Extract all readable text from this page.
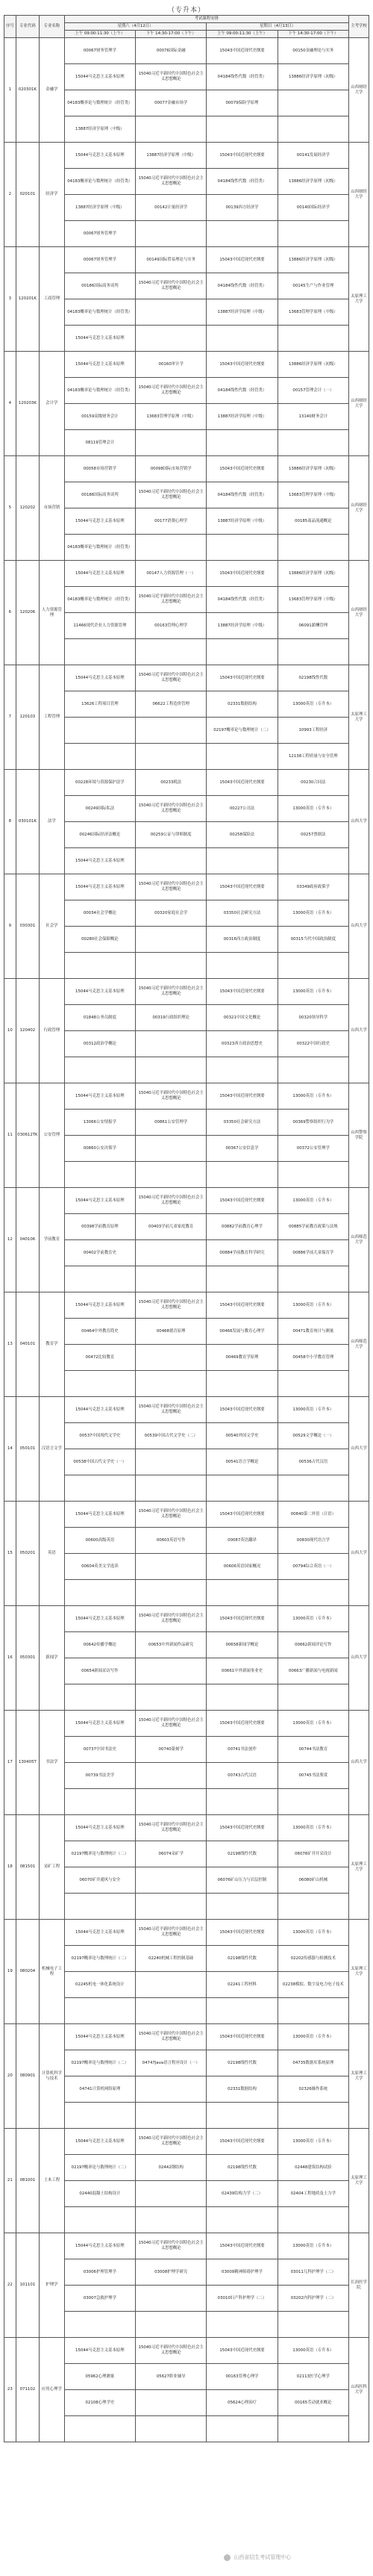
（专升本）
序号	专业代码	专业名称	考试课程安排				主考学校
			星期六（4月12日）		星期日（4月13日）		
			上午 09:00-11:30（上午）	下午 14:30-17:00（下午）	上午 09:00-11:30（上午）	下午 14:30-17:00（下午）	
1	020301K	金融学	00067财务管理学	00076国际金融	15043中国近现代史纲要	00150金融理论与实务	山西财经大学
			15044马克思主义基本原理	15040习近平新时代中国特色社会主义思想概论	04184线性代数（经管类）	13886经济学原理（初级）	
			04183概率论与数理统计（经管类）	00077金融市场学	00079保险学原理		
			13887经济学原理（中级）				
2	020101	经济学	15044马克思主义基本原理	13887经济学原理（中级）	15043中国近现代史纲要	00141发展经济学	山西财经大学
			04183概率论与数理统计（经管类）	15040习近平新时代中国特色社会主义思想概论	04184线性代数（经管类）	13886经济学原理（初级）	
			13887经济学原理（中级）	00142计量经济学	00139西方经济学	00140国际经济学	
			00067财务管理学				
3	120201K	工商管理	00067财务管理学	00149国际贸易理论与实务	15043中国近现代史纲要	13886经济学原理（初级）	太原理工大学
			00186国际商务谈判	15040习近平新时代中国特色社会主义思想概论	04184线性代数（经管类）	00145生产与作业管理	
			04183概率论与数理统计（经管类）		13887经济学原理（中级）	13683管理学原理（中级）	
			15044马克思主义基本原理				
4	120203K	会计学	15044马克思主义基本原理	00160审计学	15043中国近现代史纲要	13886经济学原理（初级）	山西财经大学
			04183概率论与数理统计（经管类）	15040习近平新时代中国特色社会主义思想概论	04184线性代数（经管类）	00157管理会计（一）	
			00159高级财务会计	13683管理学原理（中级）	13887经济学原理（中级）	13140财务会计	
			08119管理会计				
5	120202	市场营销	00058市场营销学	00098国际市场营销学	15043中国近现代史纲要	13886经济学原理（初级）	山西财经大学
			00186国际商务谈判	15040习近平新时代中国特色社会主义思想概论	04184线性代数（经管类）	13683管理学原理（中级）	
			15044马克思主义基本原理	00177消费心理学	13887经济学原理（中级）	00185商品流通概论	
			04183概率论与数理统计（经管类）				
6	120206	人力资源管理	15044马克思主义基本原理	00147人力资源管理（一）	15043中国近现代史纲要	13886经济学原理（初级）	山西财经大学
			04183概率论与数理统计（经管类）	15040习近平新时代中国特色社会主义思想概论	04184线性代数（经管类）	13683管理学原理（中级）	
			11466现代企业人力资源管理	00163管理心理学	13887经济学原理（中级）	06091薪酬管理	

7	120103	工程管理	15044马克思主义基本原理	15040习近平新时代中国特色社会主义思想概论	15043中国近现代史纲要	02198线性代数	太原理工大学
			13626工程项目管理	06622工程造价管理	02331数据结构	13000英语（专升本）	
					02197概率论与数理统计（二）	10993工程经济	
						12138工程质量与安全管理	
8	030101K	法学	00228环境与资源保护法学	00233税法	15043中国近现代史纲要	00230合同法	山西大学
			00249国际私法	15040习近平新时代中国特色社会主义思想概论	00227公司法	13000英语（专升本）	
			00246国际经济法概论	00259公证与律师制度	00258保险法	00257票据法	
			15044马克思主义基本原理				
9	030301	社会学	15044马克思主义基本原理	15040习近平新时代中国特色社会主义思想概论	15043中国近现代史纲要	03349政府政策学	山西大学
			00034社会学概论	00320家庭社会学	03350社会研究方法	13000英语（专升本）	
			00280社会保障概论		00316西方政治制度	00315当代中国政治制度	

10	120402	行政管理	15044马克思主义基本原理	15040习近平新时代中国特色社会主义思想概论	15043中国近现代史纲要	13000英语（专升本）	山西大学
			01848公务员制度	00319行政组织理论	00321中国文化概论	00320领导科学	
			00312政治学概论		00323西方政治思想史	00322中国行政史	

11	030612TK	公安管理	15044马克思主义基本原理	15040习近平新时代中国特色社会主义思想概论	15043中国近现代史纲要	13000英语（专升本）	山西警察学院
			13066公安情报学	00861公安管理学	03350社会研究方法	00369警察组织行为学	
			00860公安决策学		00367公安信息学	00372公安管理学	

12	040106	学前教育	15044马克思主义基本原理	15040习近平新时代中国特色社会主义思想概论	15043中国近现代史纲要	13000英语（专升本）	山西师范大学
			00398学前教育原理	00403学前儿童家庭教育	00882学前教育心理学	00885学前教育政策与法规	
			00402学前教育史		00884学前教育科学研究	00886学前儿童保育学	

13	040101	教育学	15044马克思主义基本原理	15040习近平新时代中国特色社会主义思想概论	15043中国近现代史纲要	13000英语（专升本）	山西师范大学
			00464中外教育简史	00468德育原理	00466发展与教育心理学	00471教育统计与测量	
			00472比较教育		00469教育学原理	00458中小学教育管理	

14	050101	汉语言文学	15044马克思主义基本原理	15040习近平新时代中国特色社会主义思想概论	15043中国近现代史纲要	13000英语（专升本）	山西大学
			00537中国现代文学史	00539中国古代文学史（二）	00540外国文学史	00529文学概论（一）	
			00538中国古代文学史（一）		00541语言学概论	00536古代汉语	

15	050201	英语	15044马克思主义基本原理	15040习近平新时代中国特色社会主义思想概论	15043中国近现代史纲要	00840第二外语（日语）	山西大学
			00600高级英语	00603英语写作	00087英语翻译	00830现代语言学	
			00604英美文学选读		00606英语国家概况	00794综合英语（一）	

16	050301	新闻学	15044马克思主义基本原理	15040习近平新时代中国特色社会主义思想概论	15043中国近现代史纲要	13000英语（专升本）	山西大学
			00642传播学概论	00653中外新闻作品研究	00658新闻学概论	00662新闻评论写作	
			00654新闻采访写作		00661中外新闻事业史	00663广播新闻与电视新闻	

17	130405T	书法学	15044马克思主义基本原理	15040习近平新时代中国特色社会主义思想概论	15043中国近现代史纲要	13000英语（专升本）	山西大学
			00737中国书法史	00740篆刻学	00741书法创作	00744书法教育	
			00739书法美学		00743古代汉语	00745书法鉴赏	

18	081501	采矿工程	15044马克思主义基本原理	15040习近平新时代中国特色社会主义思想概论	15043中国近现代史纲要	13000英语（专升本）	太原理工大学
			02197概率论与数理统计（二）	06074采矿学	02198线性代数	06078矿井开采设计	
			06070矿井通风与安全		06076矿山压力与岩层控制	06080矿山机械	

19	080204	机械电子工程	15044马克思主义基本原理	15040习近平新时代中国特色社会主义思想概论	15043中国近现代史纲要	13000英语（专升本）	太原理工大学
			02197概率论与数理统计（二）	02240机械工程控制基础	02198线性代数	02202传感器与检测技术	
			02245机电一体化系统设计		02241工程材料	02238模拟、数字及电力电子技术	

20	080901	计算机科学与技术	15044马克思主义基本原理	15040习近平新时代中国特色社会主义思想概论	15043中国近现代史纲要	13000英语（专升本）	太原理工大学
			02197概率论与数理统计（二）	04747Java语言程序设计（一）	02198线性代数	04735数据库系统原理	
			04741计算机网络原理		02331数据结构	02326操作系统	

21	081001	土木工程	15044马克思主义基本原理	15040习近平新时代中国特色社会主义思想概论	15043中国近现代史纲要	13000英语（专升本）	太原理工大学
			02197概率论与数理统计（二）	02442钢结构	02198线性代数	02448建筑结构试验	
			02440混凝土结构设计		02439结构力学（二）	02404工程地质及土力学	

22	101101	护理学	15044马克思主义基本原理	15040习近平新时代中国特色社会主义思想概论	15043中国近现代史纲要	13000英语（专升本）	长治医学院
			03006护理管理学	03008护理学研究	03009精神障碍护理学	03011儿科护理学（二）	
			03007急救护理学		03010妇产科护理学（二）	03202内科护理学（二）	

23	071102	应用心理学	15044马克思主义基本原理	15040习近平新时代中国特色社会主义思想概论	15043中国近现代史纲要	13000英语（专升本）	山西医科大学
			05962心理测量	05627职业辅导	00163管理心理学	02113医学心理学	
			02108心理学史		05624心理治疗	00165劳动就业概论	

山西省招生考试管理中心
